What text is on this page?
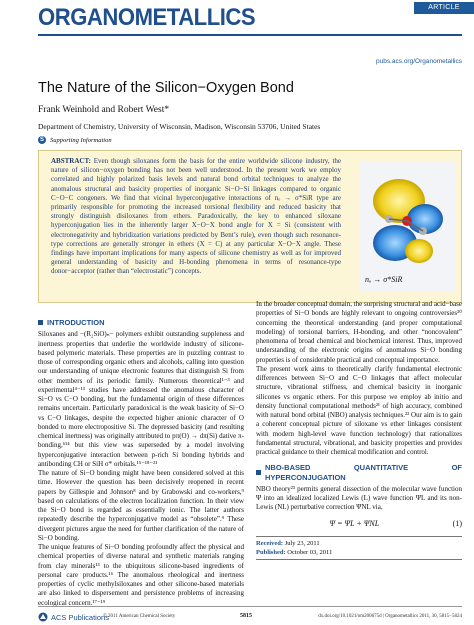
ORGANOMETALLICS	ARTICLE
pubs.acs.org/Organometallics
The Nature of the Silicon−Oxygen Bond
Frank Weinhold and Robert West*
Department of Chemistry, University of Wisconsin, Madison, Wisconsin 53706, United States
S Supporting Information
ABSTRACT: Even though siloxanes form the basis for the entire worldwide silicone industry, the nature of silicon−oxygen bonding has not been well understood. In the present work we employ correlated and highly polarized basis levels and natural bond orbital techniques to analyze the anomalous structural and basicity properties of inorganic Si−O−Si linkages compared to organic C−O−C congeners. We find that vicinal hyperconjugative interactions of nₒ → σ*SiR type are primarily responsible for promoting the increased torsional flexibility and reduced basicity that strongly distinguish disiloxanes from ethers. Paradoxically, the key to enhanced siloxane hyperconjugation lies in the inherently larger X−O−X bond angle for X = Si (consistent with electronegativity and hybridization variations predicted by Bent’s rule), even though such resonance-type corrections are generally stronger in ethers (X = C) at any particular X−O−X angle. These findings have important implications for many aspects of silicone chemistry as well as for improved general understanding of basicity and H-bonding phenomena in terms of resonance-type donor−acceptor (rather than “electrostatic”) concepts.
nₒ → σ*SiR
INTRODUCTION

Siloxanes and −(R₂SiO)ₙ− polymers exhibit outstanding suppleness and inertness properties that underlie the worldwide industry of silicone-based polymeric materials. These properties are in puzzling contrast to those of corresponding organic ethers and alcohols, calling into question our understanding of unique electronic features that distinguish Si from other members of its periodic family. Numerous theoretical¹⁻³ and experimental⁴⁻¹³ studies have addressed the anomalous character of Si−O vs C−O bonding, but the fundamental origin of these differences remains uncertain. Particularly paradoxical is the weak basicity of Si−O vs C−O linkages, despite the expected higher anionic character of O bonded to more electropositive Si. The depressed basicity (and resulting chemical inertness) was originally attributed to pπ(O) → dπ(Si) dative π-bonding,⁶¹⁴ but this view was superseded by a model involving hyperconjugative interaction between p-rich Si bonding hybrids and antibonding CH or SiH σ* orbitals.¹⁵⁻¹⁸⁻²¹

The nature of Si−O bonding might have been considered solved at this time. However the question has been decisively reopened in recent papers by Gillespie and Johnson⁸ and by Grabowski and co-workers,⁹ based on calculations of the electron localization function. In their view the Si−O bond is regarded as essentially ionic. The latter authors repeatedly describe the hyperconjugative model as “obsolete”.⁹ These divergent pictures argue the need for further clarification of the nature of Si−O bonding.

The unique features of Si−O bonding profoundly affect the physical and chemical properties of diverse natural and synthetic materials ranging from clay minerals¹³ to the ubiquitous silicone-based ingredients of personal care products.¹⁶ The anomalous rheological and inertness properties of cyclic methylsiloxanes and other silicone-based materials are also linked to dispersement and persistence problems of increasing ecological concern.¹⁷⁻¹⁹

In the broader conceptual domain, the surprising structural and acid−base properties of Si−O bonds are highly relevant to ongoing controversies²⁰ concerning the theoretical understanding (and proper computational modeling) of torsional barriers, H-bonding, and other “noncovalent” phenomena of broad chemical and biochemical interest. Thus, improved understanding of the electronic origins of anomalous Si−O bonding properties is of considerable practical and conceptual importance.

The present work aims to theoretically clarify fundamental electronic differences between Si−O and C−O linkages that affect molecular structure, vibrational stiffness, and chemical basicity in inorganic silicones vs organic ethers. For this purpose we employ ab initio and density functional computational methods²¹ of high accuracy, combined with natural bond orbital (NBO) analysis techniques.²² Our aim is to gain a coherent conceptual picture of siloxane vs ether linkages consistent with modern high-level wave function technology) that rationalizes fundamental structural, vibrational, and basicity properties and provides practical guidance to their chemical modification and control.

NBO-BASED QUANTITATIVE OF HYPERCONJUGATION

NBO theory²³ permits general dissection of the molecular wave function Ψ into an idealized localized Lewis (L) wave function ΨL and its non-Lewis (NL) perturbative correction ΨNL via,

Ψ = ΨL + ΨNL	(1)
Received: July 23, 2011
Published: October 03, 2011
ACS Publications
© 2011 American Chemical Society	5815	dx.doi.org/10.1021/om200675d | Organometallics 2011, 30, 5815−5824
